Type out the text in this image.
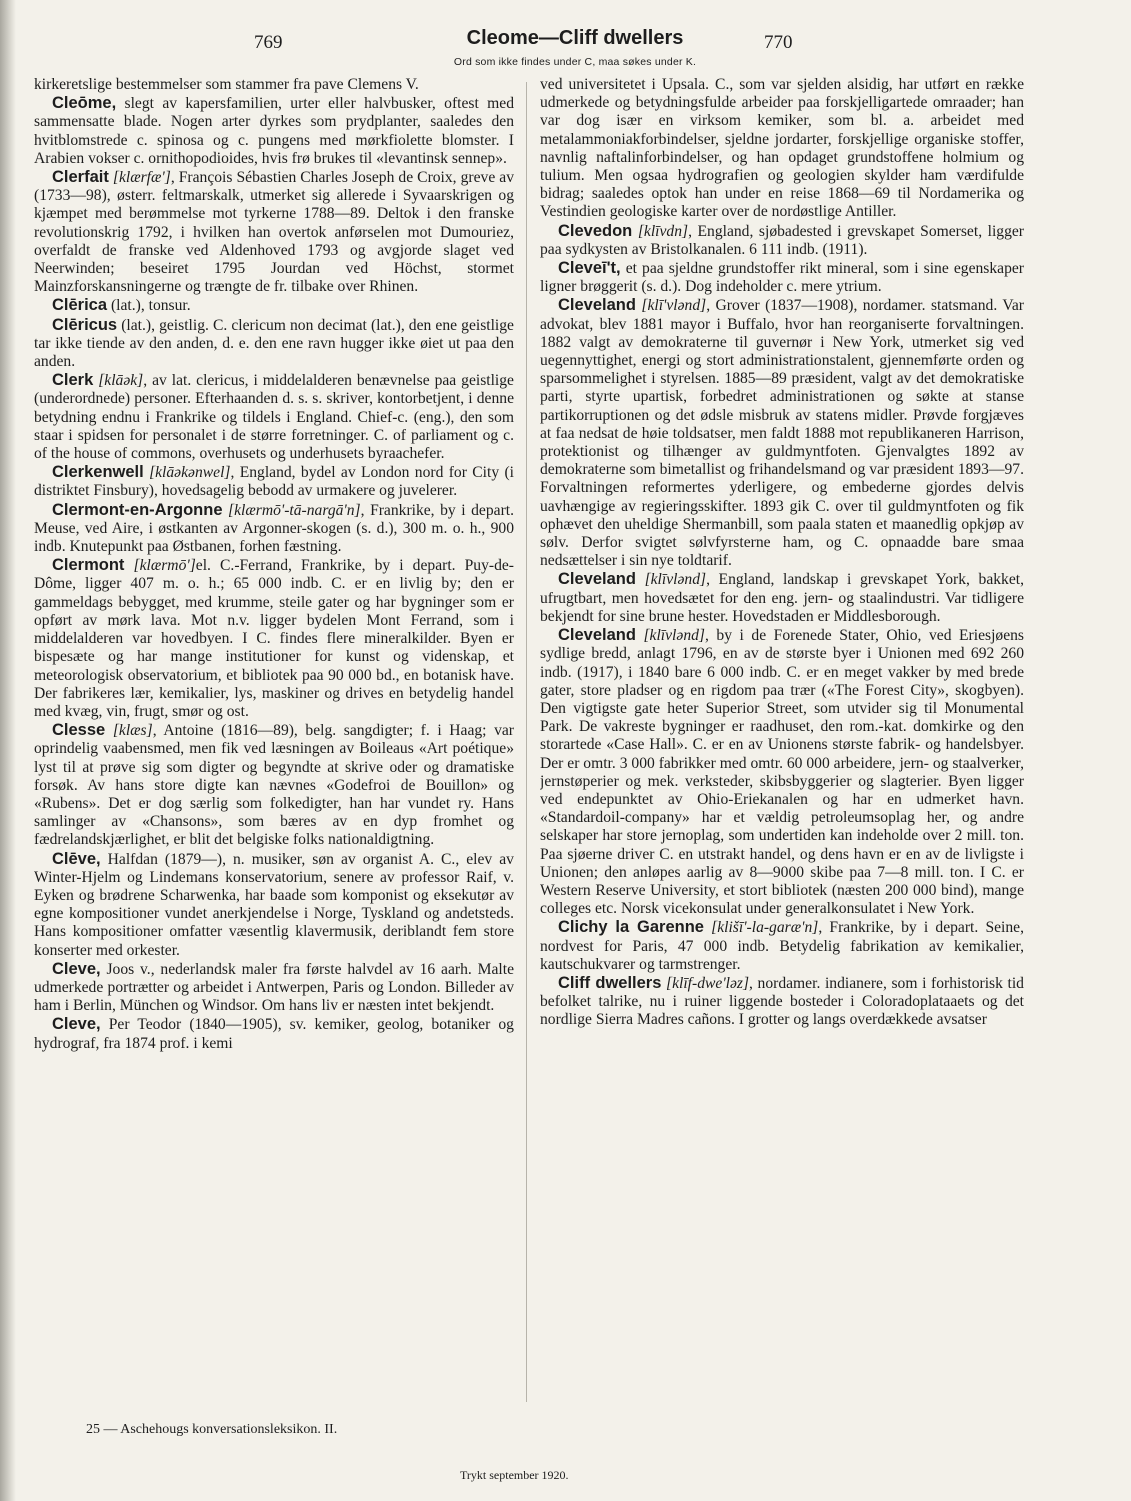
769	Cleome—Cliff dwellers	770
Ord som ikke findes under C, maa søkes under K.

kirkeretslige bestemmelser som stammer fra pave Clemens V.

Cleōme, slegt av kapersfamilien, urter eller halvbusker, oftest med sammensatte blade. Nogen arter dyrkes som prydplanter, saaledes den hvitblomstrede c. spinosa og c. pungens med mørkfiolette blomster. I Arabien vokser c. ornithopodioides, hvis frø brukes til «levantinsk sennep».

Clerfait [klærfæ'], François Sébastien Charles Joseph de Croix, greve av (1733—98), østerr. feltmarskalk, utmerket sig allerede i Syvaarskrigen og kjæmpet med berømmelse mot tyrkerne 1788—89. Deltok i den franske revolutionskrig 1792, i hvilken han overtok anførselen mot Dumouriez, overfaldt de franske ved Aldenhoved 1793 og avgjorde slaget ved Neerwinden; beseiret 1795 Jourdan ved Höchst, stormet Mainzforskansningerne og trængte de fr. tilbake over Rhinen.

Clērica (lat.), tonsur.

Clēricus (lat.), geistlig. C. clericum non decimat (lat.), den ene geistlige tar ikke tiende av den anden, d. e. den ene ravn hugger ikke øiet ut paa den anden.

Clerk [klāək], av lat. clericus, i middelalderen benævnelse paa geistlige (underordnede) personer. Efterhaanden d. s. s. skriver, kontorbetjent, i denne betydning endnu i Frankrike og tildels i England. Chief-c. (eng.), den som staar i spidsen for personalet i de større forretninger. C. of parliament og c. of the house of commons, overhusets og underhusets byraachefer.

Clerkenwell [klāəkənwel], England, bydel av London nord for City (i distriktet Finsbury), hovedsagelig bebodd av urmakere og juvelerer.

Clermont-en-Argonne [klærmō'-tā-nargā'n], Frankrike, by i depart. Meuse, ved Aire, i østkanten av Argonner-skogen (s. d.), 300 m. o. h., 900 indb. Knutepunkt paa Østbanen, forhen fæstning.

Clermont [klærmō']el. C.-Ferrand, Frankrike, by i depart. Puy-de-Dôme, ligger 407 m. o. h.; 65 000 indb. C. er en livlig by; den er gammeldags bebygget, med krumme, steile gater og har bygninger som er opført av mørk lava. Mot n.v. ligger bydelen Mont Ferrand, som i middelalderen var hovedbyen. I C. findes flere mineralkilder. Byen er bispesæte og har mange institutioner for kunst og videnskap, et meteorologisk observatorium, et bibliotek paa 90 000 bd., en botanisk have. Der fabrikeres lær, kemikalier, lys, maskiner og drives en betydelig handel med kvæg, vin, frugt, smør og ost.

Clesse [klæs], Antoine (1816—89), belg. sangdigter; f. i Haag; var oprindelig vaabensmed, men fik ved læsningen av Boileaus «Art poétique» lyst til at prøve sig som digter og begyndte at skrive oder og dramatiske forsøk. Av hans store digte kan nævnes «Godefroi de Bouillon» og «Rubens». Det er dog særlig som folkedigter, han har vundet ry. Hans samlinger av «Chansons», som bæres av en dyp fromhet og fædrelandskjærlighet, er blit det belgiske folks nationaldigtning.

Clēve, Halfdan (1879—), n. musiker, søn av organist A. C., elev av Winter-Hjelm og Lindemans konservatorium, senere av professor Raif, v. Eyken og brødrene Scharwenka, har baade som komponist og eksekutør av egne kompositioner vundet anerkjendelse i Norge, Tyskland og andetsteds. Hans kompositioner omfatter væsentlig klavermusik, deriblandt fem store konserter med orkester.

Cleve, Joos v., nederlandsk maler fra første halvdel av 16 aarh. Malte udmerkede portrætter og arbeidet i Antwerpen, Paris og London. Billeder av ham i Berlin, München og Windsor. Om hans liv er næsten intet bekjendt.

Cleve, Per Teodor (1840—1905), sv. kemiker, geolog, botaniker og hydrograf, fra 1874 prof. i kemi

ved universitetet i Upsala. C., som var sjelden alsidig, har utført en række udmerkede og betydningsfulde arbeider paa forskjelligartede omraader; han var dog især en virksom kemiker, som bl. a. arbeidet med metalammoniakforbindelser, sjeldne jordarter, forskjellige organiske stoffer, navnlig naftalinforbindelser, og han opdaget grundstoffene holmium og tulium. Men ogsaa hydrografien og geologien skylder ham værdifulde bidrag; saaledes optok han under en reise 1868—69 til Nordamerika og Vestindien geologiske karter over de nordøstlige Antiller.

Clevedon [klīvdn], England, sjøbadested i grevskapet Somerset, ligger paa sydkysten av Bristolkanalen. 6 111 indb. (1911).

Cleveī't, et paa sjeldne grundstoffer rikt mineral, som i sine egenskaper ligner brøggerit (s. d.). Dog indeholder c. mere ytrium.

Cleveland [klī'vlənd], Grover (1837—1908), nordamer. statsmand. Var advokat, blev 1881 mayor i Buffalo, hvor han reorganiserte forvaltningen. 1882 valgt av demokraterne til guvernør i New York, utmerket sig ved uegennyttighet, energi og stort administrationstalent, gjennemførte orden og sparsommelighet i styrelsen. 1885—89 præsident, valgt av det demokratiske parti, styrte upartisk, forbedret administrationen og søkte at stanse partikorruptionen og det ødsle misbruk av statens midler. Prøvde forgjæves at faa nedsat de høie toldsatser, men faldt 1888 mot republikaneren Harrison, protektionist og tilhænger av guldmyntfoten. Gjenvalgtes 1892 av demokraterne som bimetallist og frihandelsmand og var præsident 1893—97. Forvaltningen reformertes yderligere, og embederne gjordes delvis uavhængige av regieringsskifter. 1893 gik C. over til guldmyntfoten og fik ophævet den uheldige Shermanbill, som paala staten et maanedlig opkjøp av sølv. Derfor svigtet sølvfyrsterne ham, og C. opnaadde bare smaa nedsættelser i sin nye toldtarif.

Cleveland [klīvlənd], England, landskap i grevskapet York, bakket, ufrugtbart, men hovedsætet for den eng. jern- og staalindustri. Var tidligere bekjendt for sine brune hester. Hovedstaden er Middlesborough.

Cleveland [klīvlənd], by i de Forenede Stater, Ohio, ved Eriesjøens sydlige bredd, anlagt 1796, en av de største byer i Unionen med 692 260 indb. (1917), i 1840 bare 6 000 indb. C. er en meget vakker by med brede gater, store pladser og en rigdom paa trær («The Forest City», skogbyen). Den vigtigste gate heter Superior Street, som utvider sig til Monumental Park. De vakreste bygninger er raadhuset, den rom.-kat. domkirke og den storartede «Case Hall». C. er en av Unionens største fabrik- og handelsbyer. Der er omtr. 3 000 fabrikker med omtr. 60 000 arbeidere, jern- og staalverker, jernstøperier og mek. verksteder, skibsbyggerier og slagterier. Byen ligger ved endepunktet av Ohio-Eriekanalen og har en udmerket havn. «Standardoil-company» har et vældig petroleumsoplag her, og andre selskaper har store jernoplag, som undertiden kan indeholde over 2 mill. ton. Paa sjøerne driver C. en utstrakt handel, og dens havn er en av de livligste i Unionen; den anløpes aarlig av 8—9000 skibe paa 7—8 mill. ton. I C. er Western Reserve University, et stort bibliotek (næsten 200 000 bind), mange colleges etc. Norsk vicekonsulat under generalkonsulatet i New York.

Clichy la Garenne [klišī'-la-garæ'n], Frankrike, by i depart. Seine, nordvest for Paris, 47 000 indb. Betydelig fabrikation av kemikalier, kautschukvarer og tarmstrenger.

Cliff dwellers [klīf-dwe'ləz], nordamer. indianere, som i forhistorisk tid befolket talrike, nu i ruiner liggende bosteder i Coloradoplataaets og det nordlige Sierra Madres cañons. I grotter og langs overdækkede avsatser

25 — Aschehougs konversationsleksikon. II.
Trykt september 1920.
